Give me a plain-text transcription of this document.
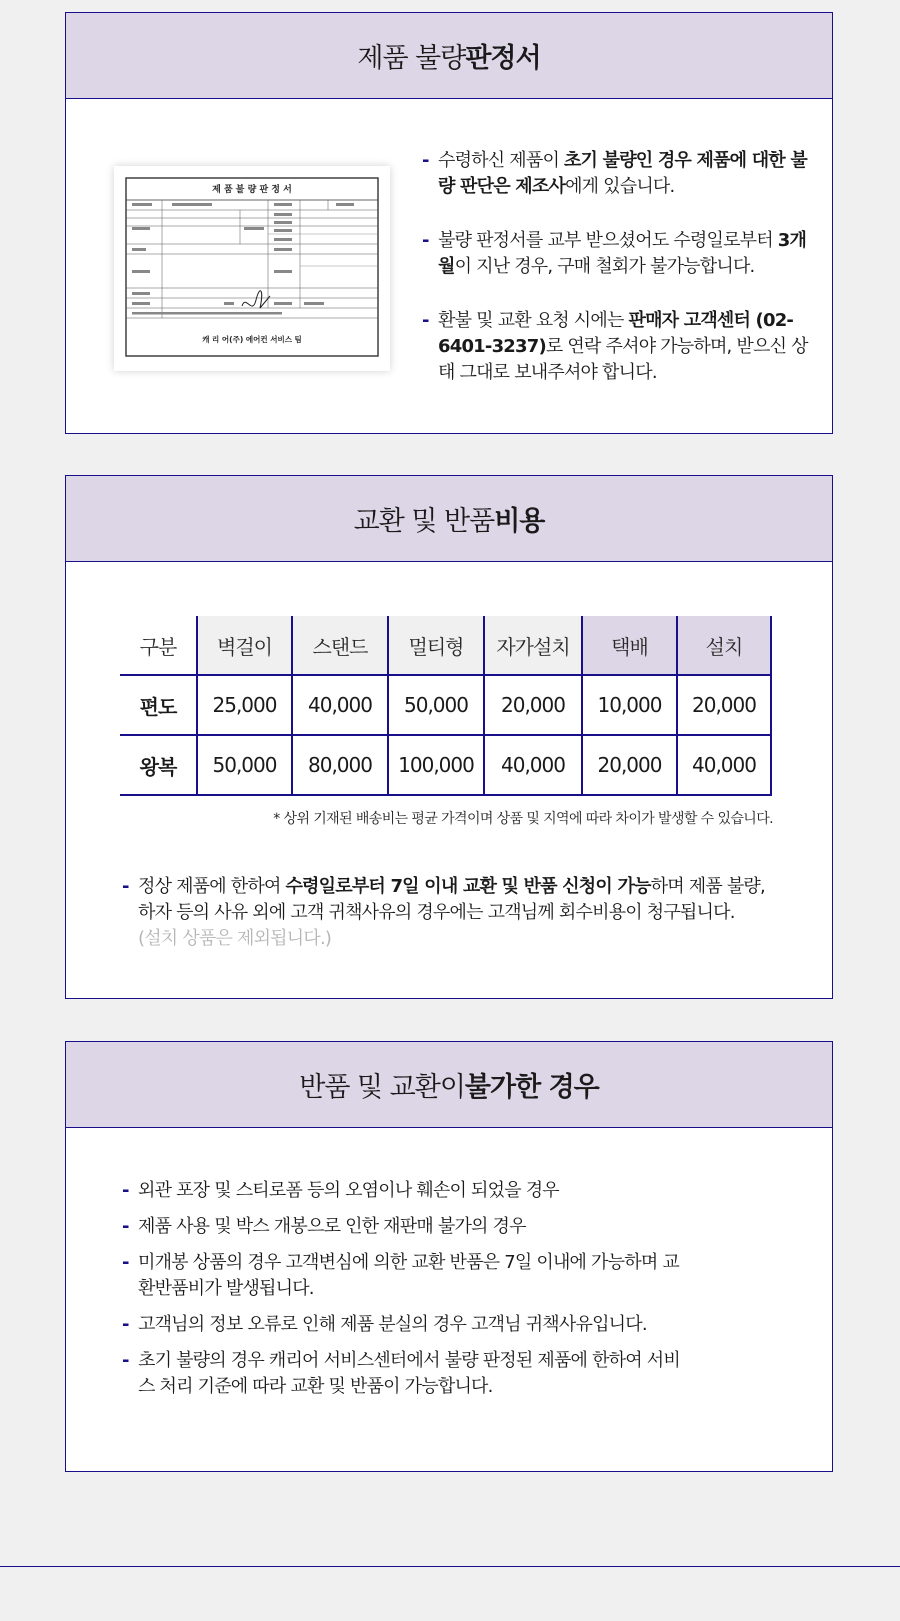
제품 불량 판정서
제 품 불 량 판 정 서
캐 리 어(주) 에어컨 서비스 팀
- 수령하신 제품이 초기 불량인 경우 제품에 대한 불량 판단은 제조사에게 있습니다.
- 불량 판정서를 교부 받으셨어도 수령일로부터 3개월이 지난 경우, 구매 철회가 불가능합니다.
- 환불 및 교환 요청 시에는 판매자 고객센터 (02-6401-3237)로 연락 주셔야 가능하며, 받으신 상태 그대로 보내주셔야 합니다.
교환 및 반품 비용
구분	벽걸이	스탠드	멀티형	자가설치	택배	설치
편도	25,000	40,000	50,000	20,000	10,000	20,000
왕복	50,000	80,000	100,000	40,000	20,000	40,000
* 상위 기재된 배송비는 평균 가격이며 상품 및 지역에 따라 차이가 발생할 수 있습니다.
- 정상 제품에 한하여 수령일로부터 7일 이내 교환 및 반품 신청이 가능하며 제품 불량, 하자 등의 사유 외에 고객 귀책사유의 경우에는 고객님께 회수비용이 청구됩니다.
(설치 상품은 제외됩니다.)
반품 및 교환이 불가한 경우
- 외관 포장 및 스티로폼 등의 오염이나 훼손이 되었을 경우
- 제품 사용 및 박스 개봉으로 인한 재판매 불가의 경우
- 미개봉 상품의 경우 고객변심에 의한 교환 반품은 7일 이내에 가능하며 교환반품비가 발생됩니다.
- 고객님의 정보 오류로 인해 제품 분실의 경우 고객님 귀책사유입니다.
- 초기 불량의 경우 캐리어 서비스센터에서 불량 판정된 제품에 한하여 서비스 처리 기준에 따라 교환 및 반품이 가능합니다.
